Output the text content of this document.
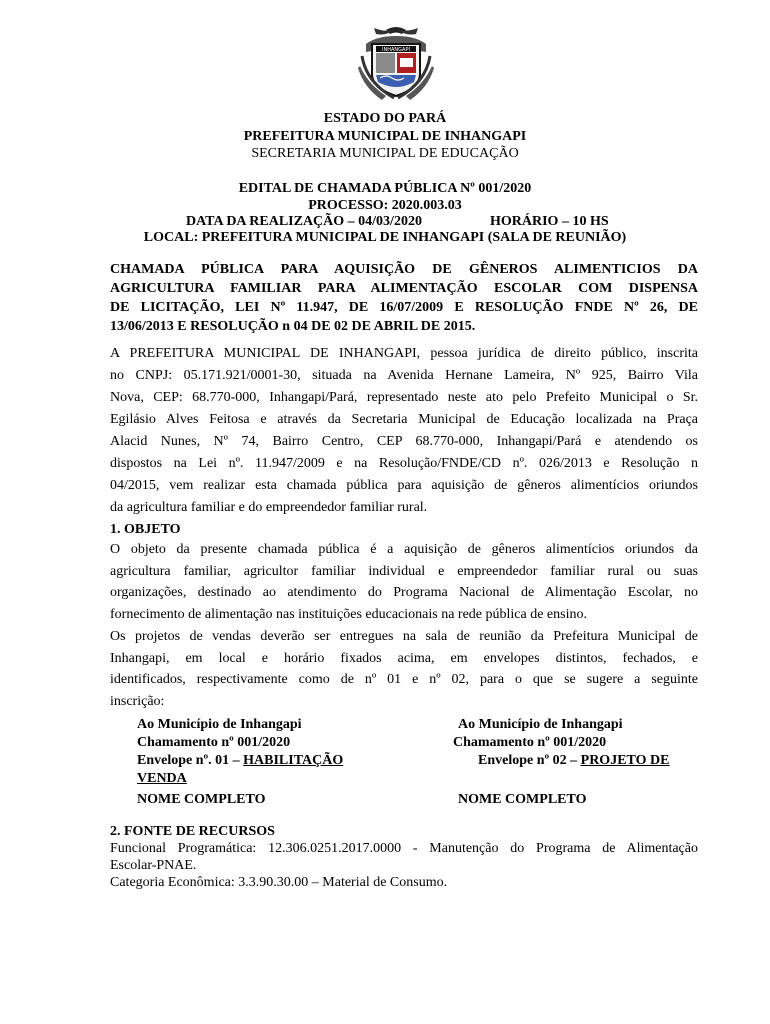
INHANGAPI
ESTADO DO PARÁ
PREFEITURA MUNICIPAL DE INHANGAPI
SECRETARIA MUNICIPAL DE EDUCAÇÃO
EDITAL DE CHAMADA PÚBLICA Nº 001/2020
PROCESSO: 2020.003.03
DATA DA REALIZAÇÃO – 04/03/2020	HORÁRIO – 10 HS
LOCAL: PREFEITURA MUNICIPAL DE INHANGAPI (SALA DE REUNIÃO)
CHAMADA PÚBLICA PARA AQUISIÇÃO DE GÊNEROS ALIMENTICIOS DA
AGRICULTURA FAMILIAR PARA ALIMENTAÇÃO ESCOLAR COM DISPENSA
DE LICITAÇÃO, LEI Nº 11.947, DE 16/07/2009 E RESOLUÇÃO FNDE Nº 26, DE
13/06/2013 E RESOLUÇÃO n 04 DE 02 DE ABRIL DE 2015.
A PREFEITURA MUNICIPAL DE INHANGAPI, pessoa jurídica de direito público, inscrita
no CNPJ: 05.171.921/0001-30, situada na Avenida Hernane Lameira, Nº 925, Bairro Vila
Nova, CEP: 68.770-000, Inhangapi/Pará, representado neste ato pelo Prefeito Municipal o Sr.
Egilásio Alves Feitosa e através da Secretaria Municipal de Educação localizada na Praça
Alacid Nunes, Nº 74, Bairro Centro, CEP 68.770-000, Inhangapi/Pará e atendendo os
dispostos na Lei nº. 11.947/2009 e na Resolução/FNDE/CD nº. 026/2013 e Resolução n
04/2015, vem realizar esta chamada pública para aquisição de gêneros alimentícios oriundos
da agricultura familiar e do empreendedor familiar rural.
1. OBJETO
O objeto da presente chamada pública é a aquisição de gêneros alimentícios oriundos da
agricultura familiar, agricultor familiar individual e empreendedor familiar rural ou suas
organizações, destinado ao atendimento do Programa Nacional de Alimentação Escolar, no
fornecimento de alimentação nas instituições educacionais na rede pública de ensino.
Os projetos de vendas deverão ser entregues na sala de reunião da Prefeitura Municipal de
Inhangapi, em local e horário fixados acima, em envelopes distintos, fechados, e
identificados, respectivamente como de nº 01 e nº 02, para o que se sugere a seguinte
inscrição:
Ao Município de Inhangapi
Chamamento nº 001/2020
Envelope nº. 01 – HABILITAÇÃO
VENDA
NOME COMPLETO
Ao Município de Inhangapi
Chamamento nº 001/2020
Envelope nº 02 – PROJETO DE
NOME COMPLETO
2. FONTE DE RECURSOS
Funcional Programática: 12.306.0251.2017.0000 - Manutenção do Programa de Alimentação
Escolar-PNAE.
Categoria Econômica: 3.3.90.30.00 – Material de Consumo.
